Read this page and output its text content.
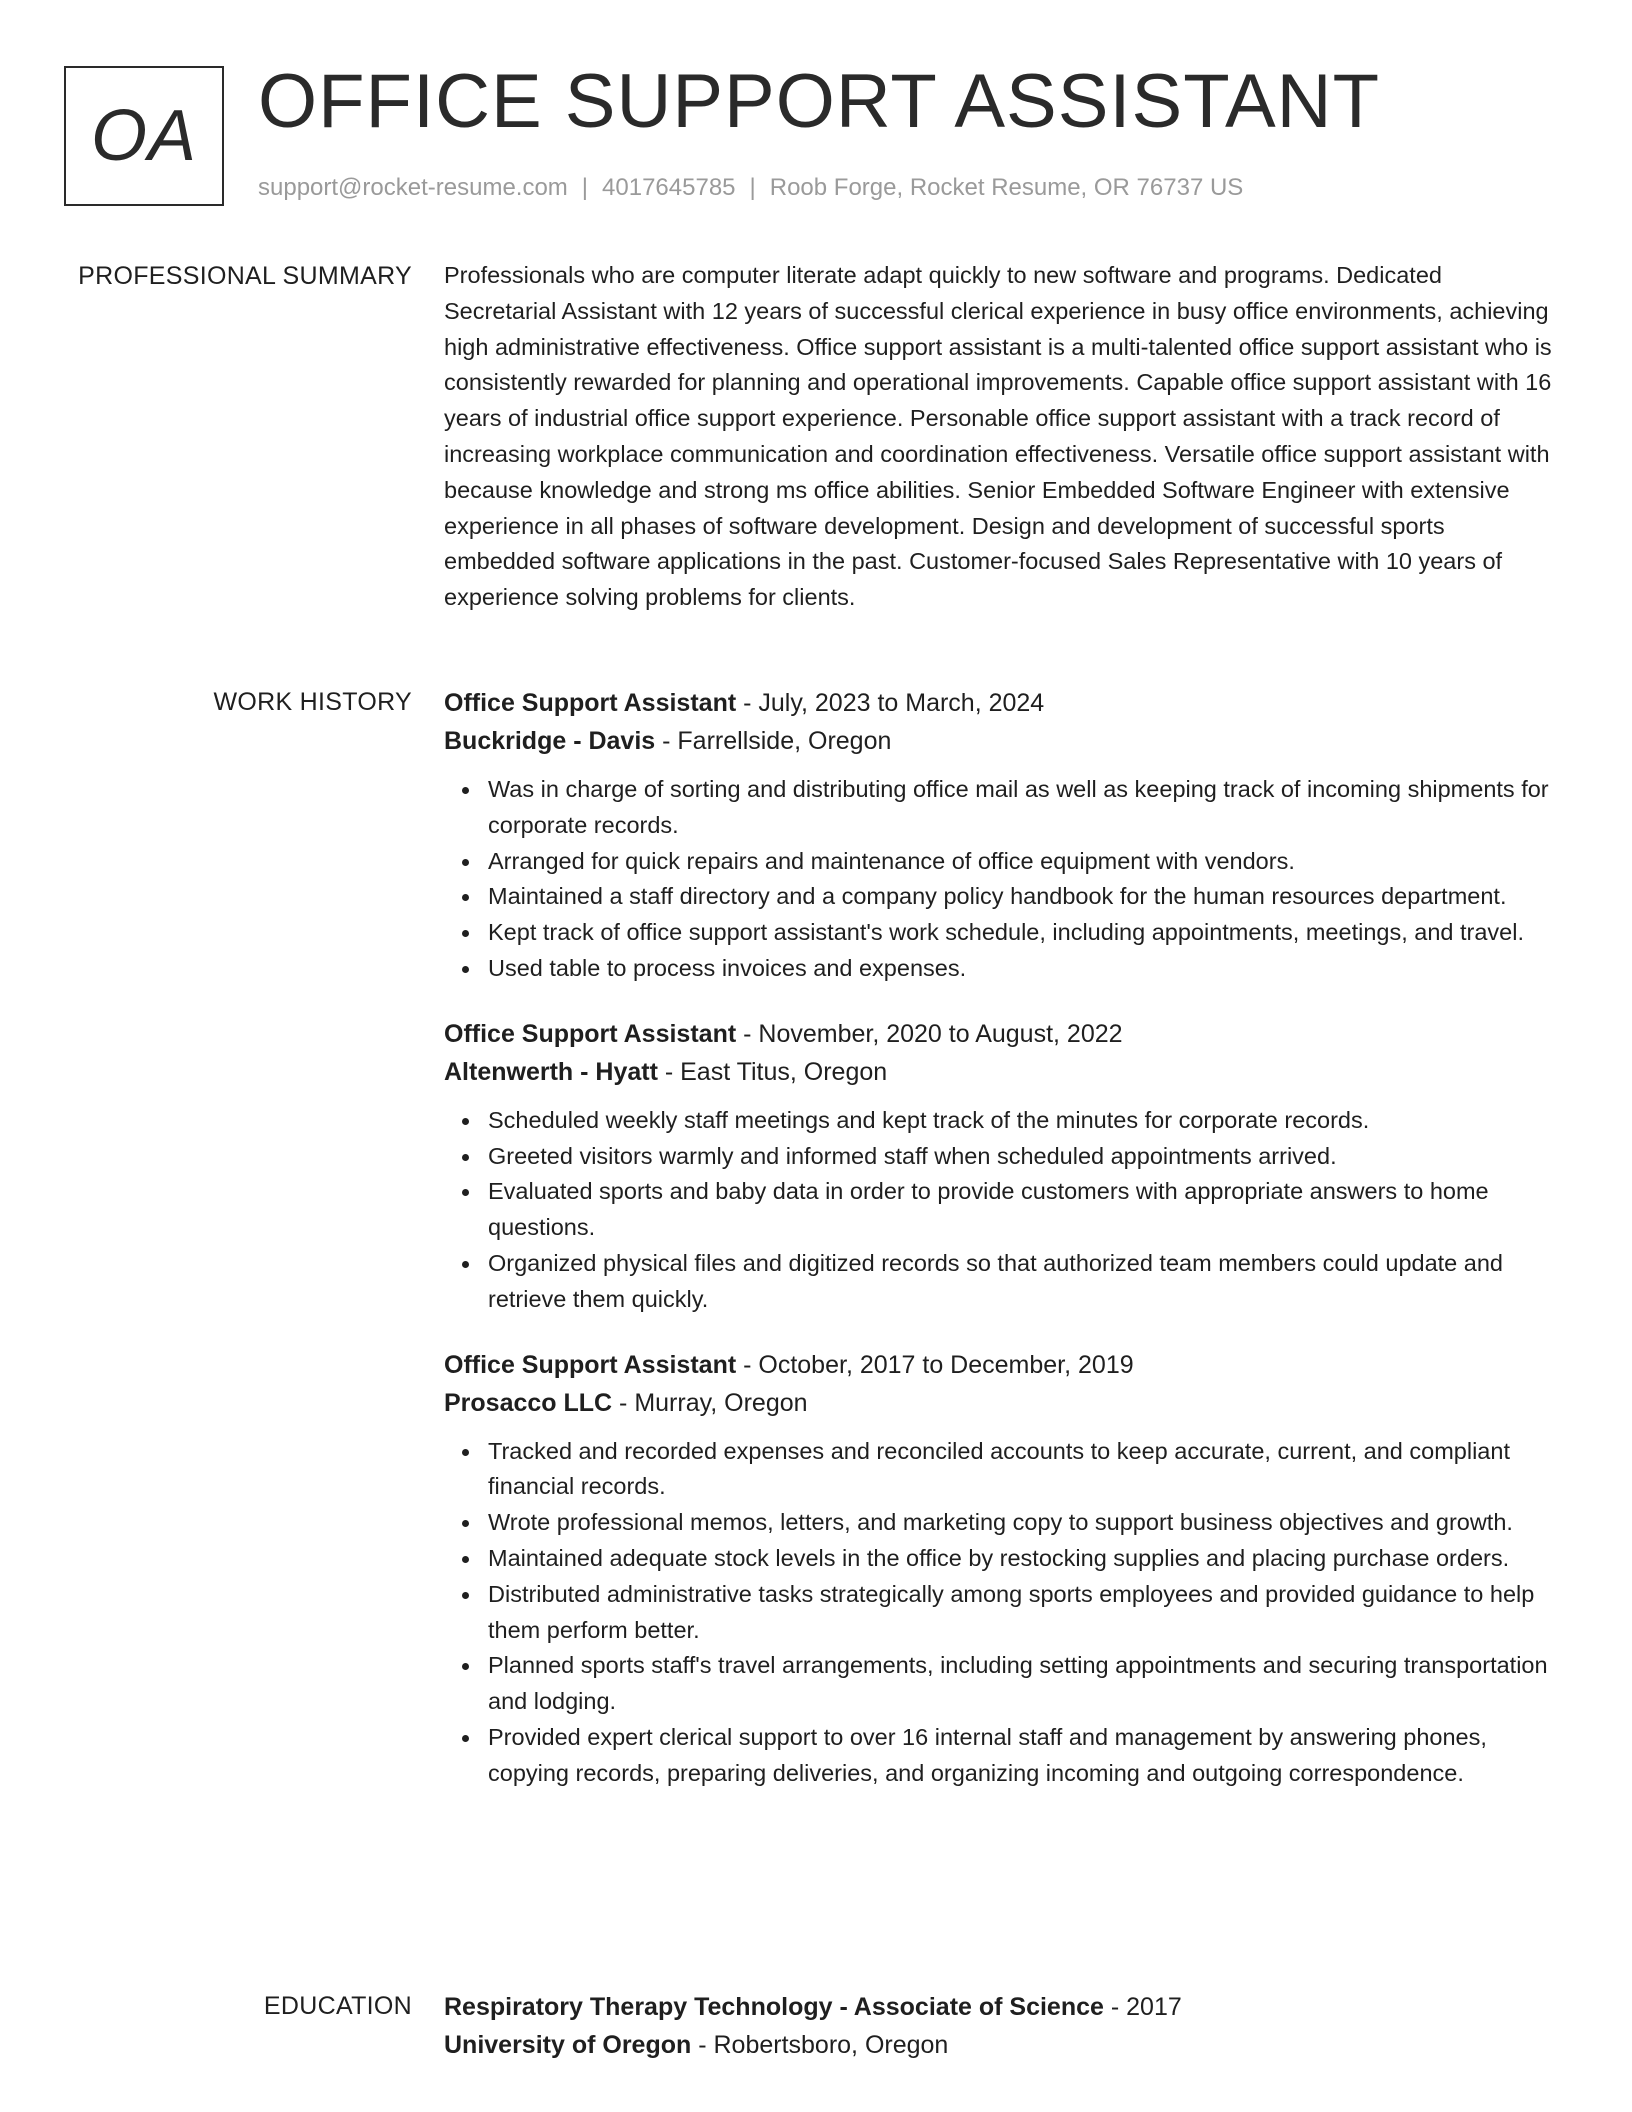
OA OFFICE SUPPORT ASSISTANT
support@rocket-resume.com | 4017645785 | Roob Forge, Rocket Resume, OR 76737 US
PROFESSIONAL SUMMARY Professionals who are computer literate adapt quickly to new software and programs. Dedicated Secretarial Assistant with 12 years of successful clerical experience in busy office environments, achieving high administrative effectiveness. Office support assistant is a multi-talented office support assistant who is consistently rewarded for planning and operational improvements. Capable office support assistant with 16 years of industrial office support experience. Personable office support assistant with a track record of increasing workplace communication and coordination effectiveness. Versatile office support assistant with because knowledge and strong ms office abilities. Senior Embedded Software Engineer with extensive experience in all phases of software development. Design and development of successful sports embedded software applications in the past. Customer-focused Sales Representative with 10 years of experience solving problems for clients.

WORK HISTORY Office Support Assistant - July, 2023 to March, 2024
Buckridge - Davis - Farrellside, Oregon
Was in charge of sorting and distributing office mail as well as keeping track of incoming shipments for corporate records.
Arranged for quick repairs and maintenance of office equipment with vendors.
Maintained a staff directory and a company policy handbook for the human resources department.
Kept track of office support assistant's work schedule, including appointments, meetings, and travel.
Used table to process invoices and expenses.
Office Support Assistant - November, 2020 to August, 2022
Altenwerth - Hyatt - East Titus, Oregon
Scheduled weekly staff meetings and kept track of the minutes for corporate records.
Greeted visitors warmly and informed staff when scheduled appointments arrived.
Evaluated sports and baby data in order to provide customers with appropriate answers to home questions.
Organized physical files and digitized records so that authorized team members could update and retrieve them quickly.
Office Support Assistant - October, 2017 to December, 2019
Prosacco LLC - Murray, Oregon
Tracked and recorded expenses and reconciled accounts to keep accurate, current, and compliant financial records.
Wrote professional memos, letters, and marketing copy to support business objectives and growth.
Maintained adequate stock levels in the office by restocking supplies and placing purchase orders.
Distributed administrative tasks strategically among sports employees and provided guidance to help them perform better.
Planned sports staff's travel arrangements, including setting appointments and securing transportation and lodging.
Provided expert clerical support to over 16 internal staff and management by answering phones, copying records, preparing deliveries, and organizing incoming and outgoing correspondence.
EDUCATION Respiratory Therapy Technology - Associate of Science - 2017
University of Oregon - Robertsboro, Oregon
